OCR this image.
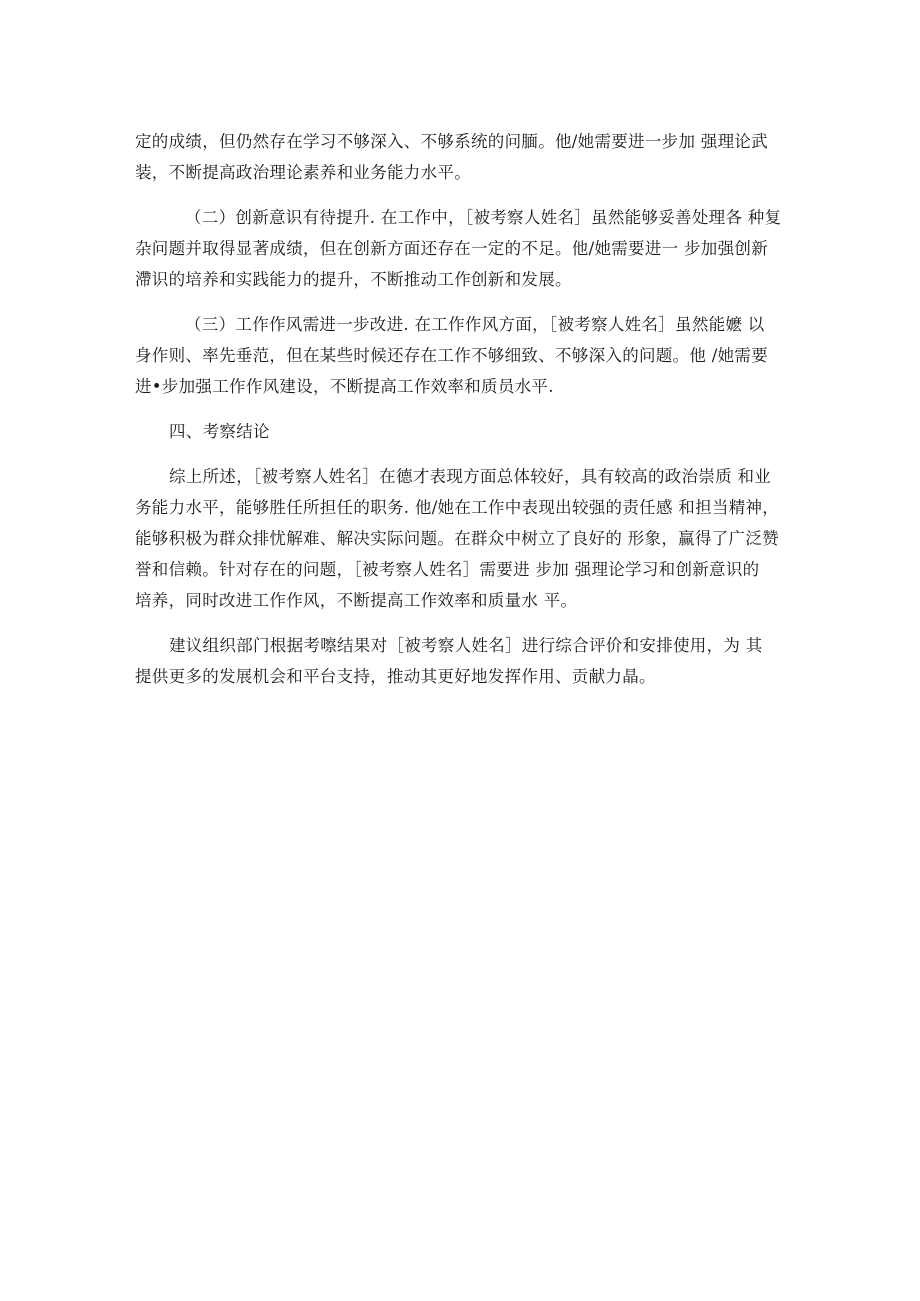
定的成绩，但仍然存在学习不够深入、不够系统的问腼。他/她需要进一步加 强理论武
装，不断提高政治理论素养和业务能力水平。

（二）创新意识有待提升. 在工作中，［被考察人姓名］虽然能够妥善处理各 种复
杂问题并取得显著成绩，但在创新方面还存在一定的不足。他/她需要进一 步加强创新
滯识的培养和实践能力的提升，不断推动工作创新和发展。

（三）工作作风需进一步改进. 在工作作风方面，［被考察人姓名］虽然能嬷 以
身作则、率先垂范，但在某些时候还存在工作不够细致、不够深入的问题。他 /她需要
进•步加强工作作风建设，不断提高工作效率和质员水平.

四、考察结论

综上所述，［被考察人姓名］在德才表现方面总体较好，具有较高的政治崇质 和业
务能力水平，能够胜任所担任的职务. 他/她在工作中表现出较强的责任感 和担当精神，
能够积极为群众排忧解难、解决实际问题。在群众中树立了良好的 形象，赢得了广泛赞
誉和信赖。针对存在的问题，［被考察人姓名］需要进 步加 强理论学习和创新意识的
培养，同时改进工作作风，不断提高工作效率和质量水 平。

建议组织部门根据考嚓结果对［被考察人姓名］进行综合评价和安排使用，为 其
提供更多的发展机会和平台支持，推动其更好地发挥作用、贡献力晶。
